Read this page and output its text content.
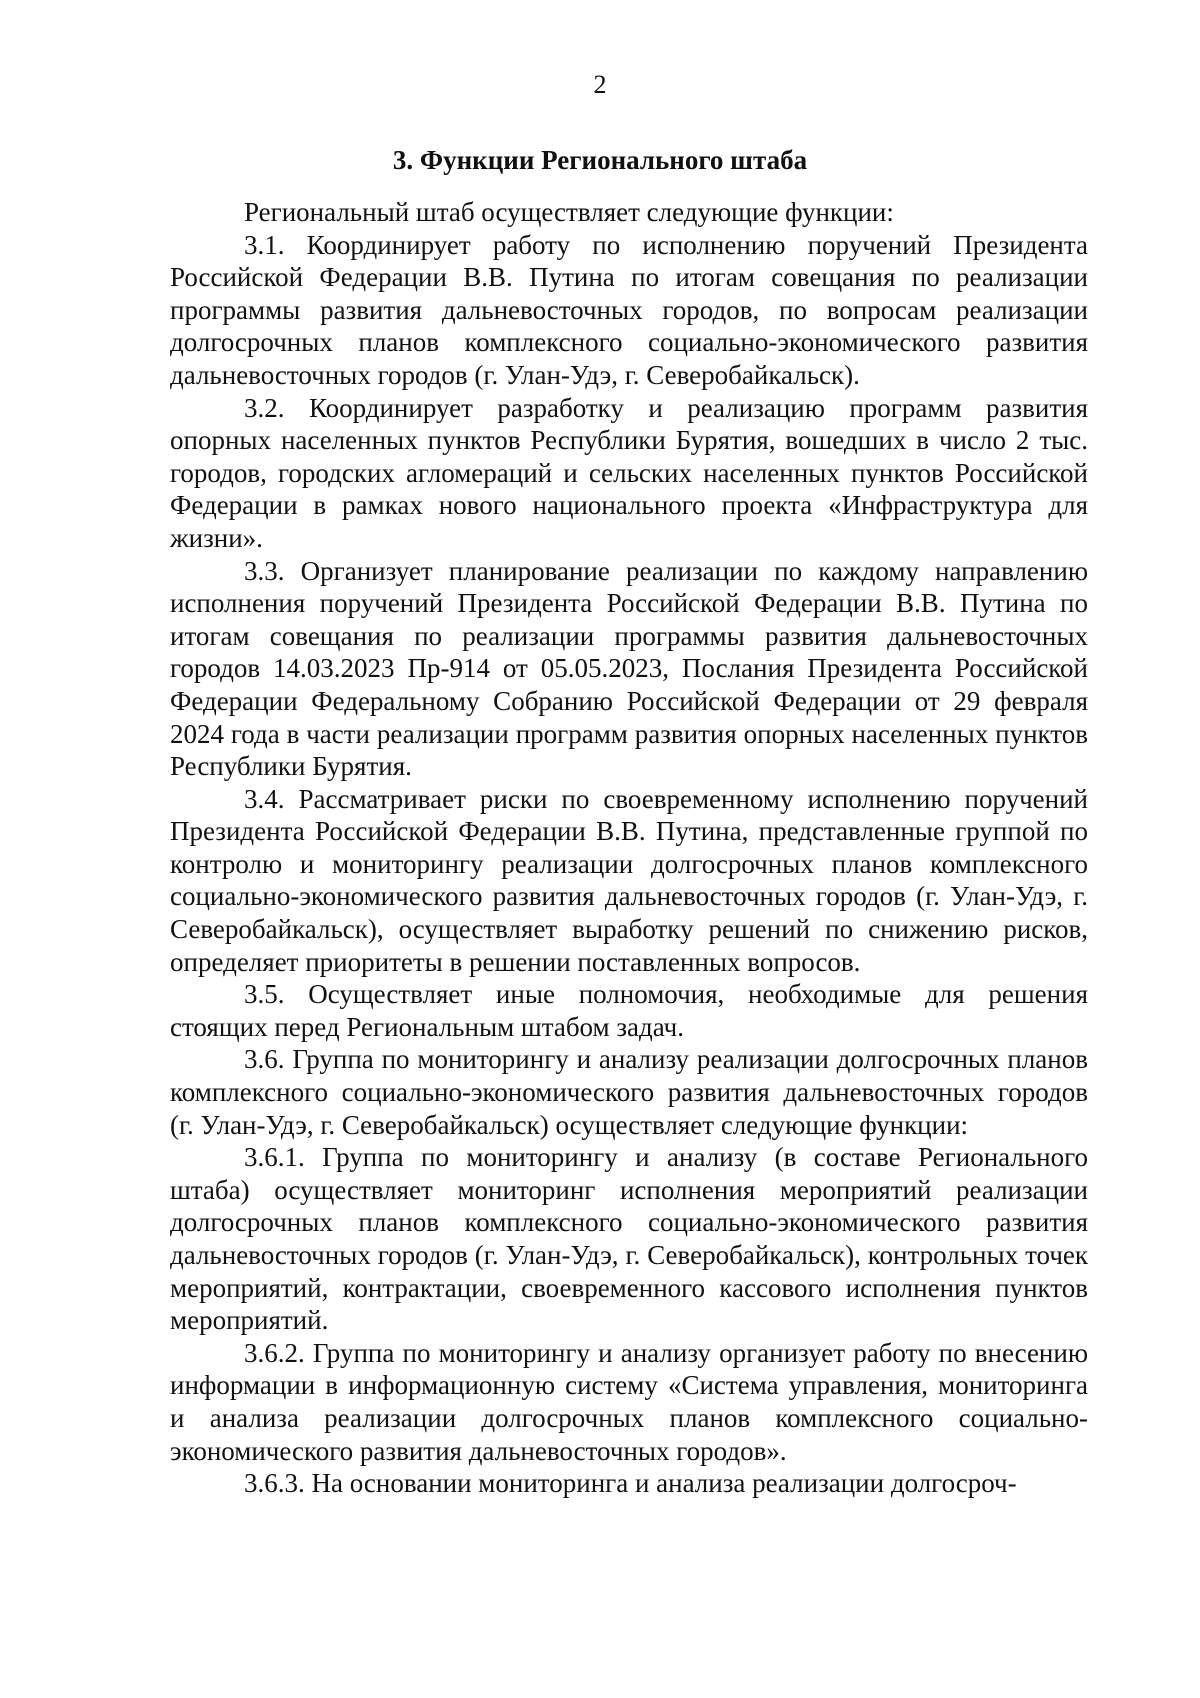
2
3. Функции Регионального штаба

Региональный штаб осуществляет следующие функции:

3.1. Координирует работу по исполнению поручений Президента Российской Федерации В.В. Путина по итогам совещания по реализации программы развития дальневосточных городов, по вопросам реализации долгосрочных планов комплексного социально-экономического развития дальневосточных городов (г. Улан-Удэ, г. Северобайкальск).

3.2. Координирует разработку и реализацию программ развития опорных населенных пунктов Республики Бурятия, вошедших в число 2 тыс. городов, городских агломераций и сельских населенных пунктов Российской Федерации в рамках нового национального проекта «Инфраструктура для жизни».

3.3. Организует планирование реализации по каждому направлению исполнения поручений Президента Российской Федерации В.В. Путина по итогам совещания по реализации программы развития дальневосточных городов 14.03.2023 Пр-914 от 05.05.2023, Послания Президента Российской Федерации Федеральному Собранию Российской Федерации от 29 февраля 2024 года в части реализации программ развития опорных населенных пунктов Республики Бурятия.

3.4. Рассматривает риски по своевременному исполнению поручений Президента Российской Федерации В.В. Путина, представленные группой по контролю и мониторингу реализации долгосрочных планов комплексного социально-экономического развития дальневосточных городов (г. Улан-Удэ, г. Северобайкальск), осуществляет выработку решений по снижению рисков, определяет приоритеты в решении поставленных вопросов.

3.5. Осуществляет иные полномочия, необходимые для решения стоящих перед Региональным штабом задач.

3.6. Группа по мониторингу и анализу реализации долгосрочных планов комплексного социально-экономического развития дальневосточных городов (г. Улан-Удэ, г. Северобайкальск) осуществляет следующие функции:

3.6.1. Группа по мониторингу и анализу (в составе Регионального штаба) осуществляет мониторинг исполнения мероприятий реализации долгосрочных планов комплексного социально-экономического развития дальневосточных городов (г. Улан-Удэ, г. Северобайкальск), контрольных точек мероприятий, контрактации, своевременного кассового исполнения пунктов мероприятий.

3.6.2. Группа по мониторингу и анализу организует работу по внесению информации в информационную систему «Система управления, мониторинга и анализа реализации долгосрочных планов комплексного социально-экономического развития дальневосточных городов».

3.6.3. На основании мониторинга и анализа реализации долгосроч-
